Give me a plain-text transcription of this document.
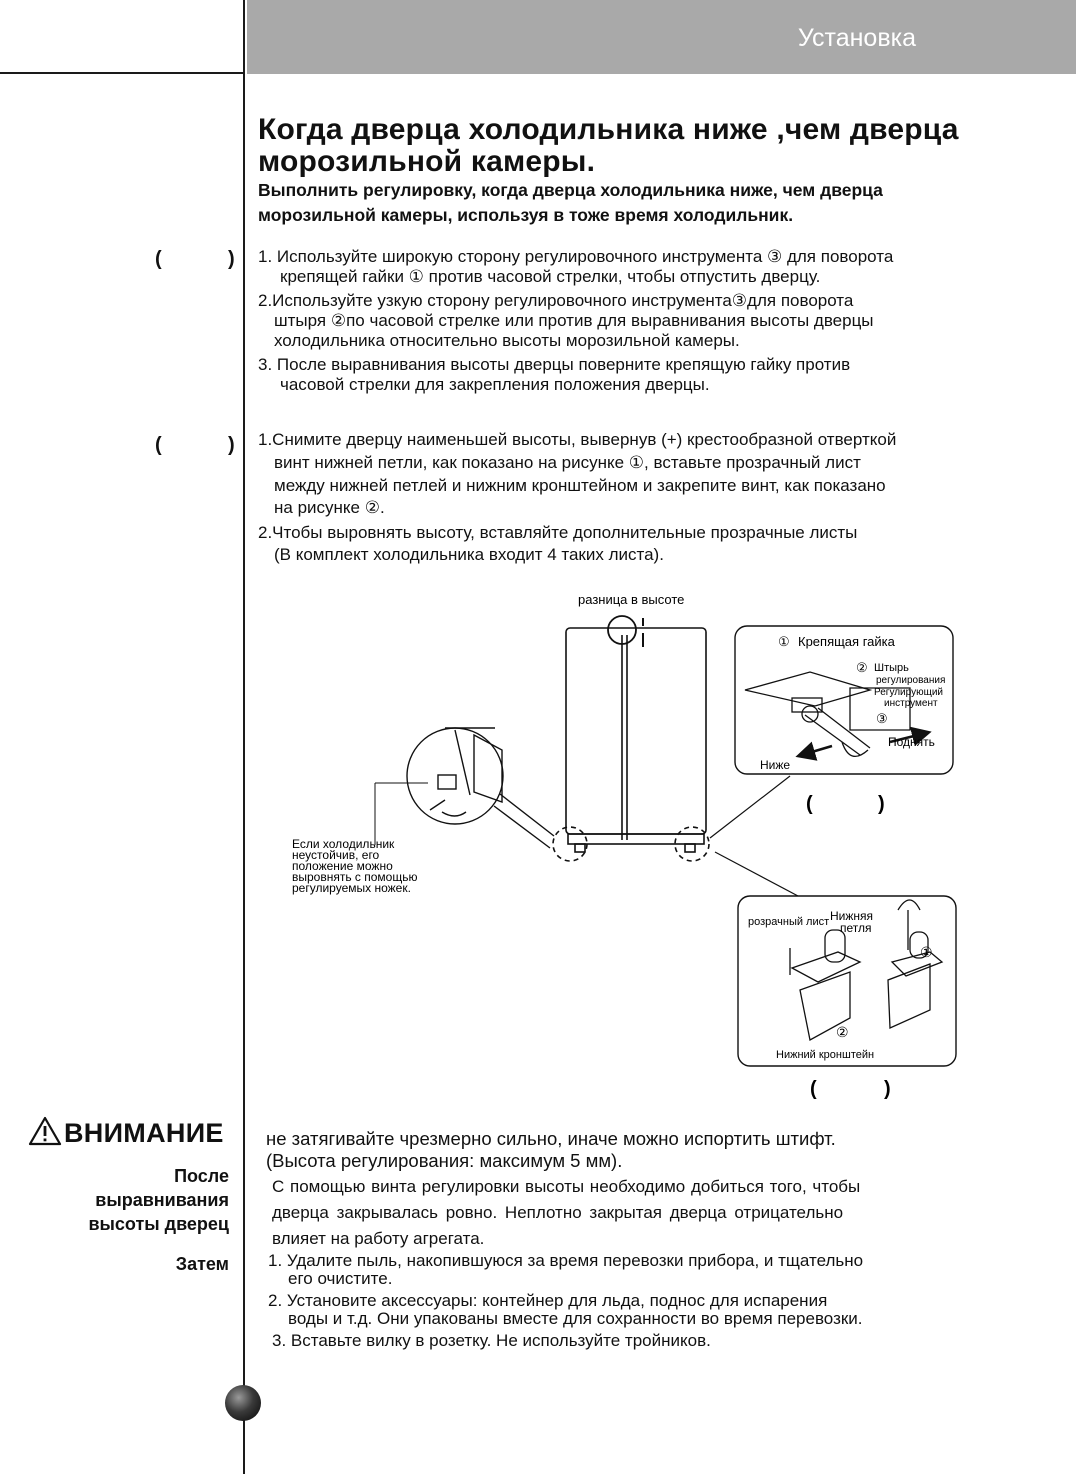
Установка
Когда дверца холодильника ниже ,чем дверца
морозильной камеры.
Выполнить регулировку, когда дверца холодильника ниже, чем дверца
морозильной камеры, используя в тоже время холодильник.
(	) 1. Используйте широкую сторону регулировочного инструмента ③ для поворота
крепящей гайки ① против часовой стрелки, чтобы отпустить дверцу.
2.Используйте узкую сторону регулировочного инструмента③для поворота
штыря ②по часовой стрелке или против для выравнивания высоты дверцы
холодильника относительно высоты морозильной камеры.
3. После выравнивания высоты дверцы поверните крепящую гайку против
часовой стрелки для закрепления положения дверцы.
(	) 1.Снимите дверцу наименьшей высоты, вывернув (+) крестообразной отверткой
винт нижней петли, как показано на рисунке ①, вставьте прозрачный лист
между нижней петлей и нижним кронштейном и закрепите винт, как показано
на рисунке ②.
2.Чтобы выровнять высоту, вставляйте дополнительные прозрачные листы
(В комплект холодильника входит 4 таких листа).
разница в высоте
Если холодильник неустойчив, его положение можно выровнять с помощью регулируемых ножек.
① Крепящая гайка
② Штырь
регулирования
Регулирующий
инструмент
③
Поднять
Ниже
(	)
розрачный лист Нижняя
петля
①
②
Нижний кронштейн
(	)
ВНИМАНИЕ
После
выравнивания
высоты дверец
Затем
не затягивайте чрезмерно сильно, иначе можно испортить штифт.
(Высота регулирования: максимум 5 мм).
С помощью винта регулировки высоты необходимо добиться того, чтобы
дверца закрывалась ровно. Неплотно закрытая дверца отрицательно
влияет на работу агрегата.
1. Удалите пыль, накопившуюся за время перевозки прибора, и тщательно
его очистите.
2. Установите аксессуары: контейнер для льда, поднос для испарения
воды и т.д. Они упакованы вместе для сохранности во время перевозки.
3. Вставьте вилку в розетку. Не используйте тройников.
